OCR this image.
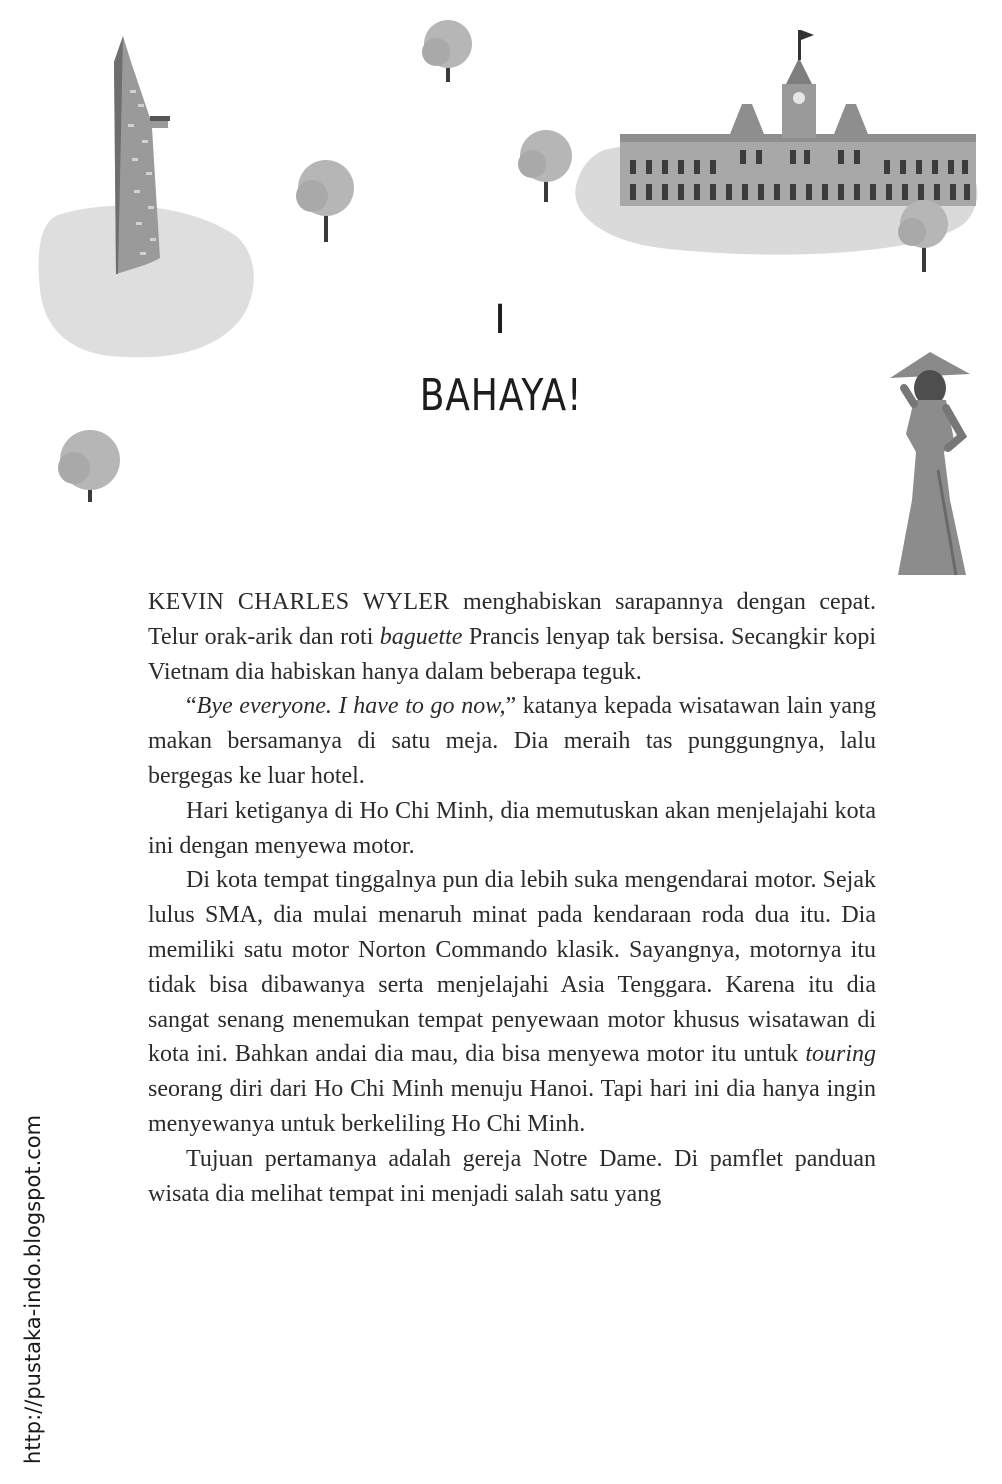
I
BAHAYA!

KEVIN CHARLES WYLER menghabiskan sarapannya dengan cepat. Telur orak-arik dan roti baguette Prancis lenyap tak bersisa. Secangkir kopi Vietnam dia habiskan hanya dalam beberapa teguk.

“Bye everyone. I have to go now,” katanya kepada wisatawan lain yang makan bersamanya di satu meja. Dia meraih tas punggungnya, lalu bergegas ke luar hotel.

Hari ketiganya di Ho Chi Minh, dia memutuskan akan menjelajahi kota ini dengan menyewa motor.

Di kota tempat tinggalnya pun dia lebih suka mengendarai motor. Sejak lulus SMA, dia mulai menaruh minat pada kendaraan roda dua itu. Dia memiliki satu motor Norton Commando klasik. Sayangnya, motornya itu tidak bisa dibawanya serta menjelajahi Asia Tenggara. Karena itu dia sangat senang menemukan tempat penyewaan motor khusus wisatawan di kota ini. Bahkan andai dia mau, dia bisa menyewa motor itu untuk touring seorang diri dari Ho Chi Minh menuju Hanoi. Tapi hari ini dia hanya ingin menyewanya untuk berkeliling Ho Chi Minh.

Tujuan pertamanya adalah gereja Notre Dame. Di pamflet panduan wisata dia melihat tempat ini menjadi salah satu yang

http://pustaka-indo.blogspot.com
